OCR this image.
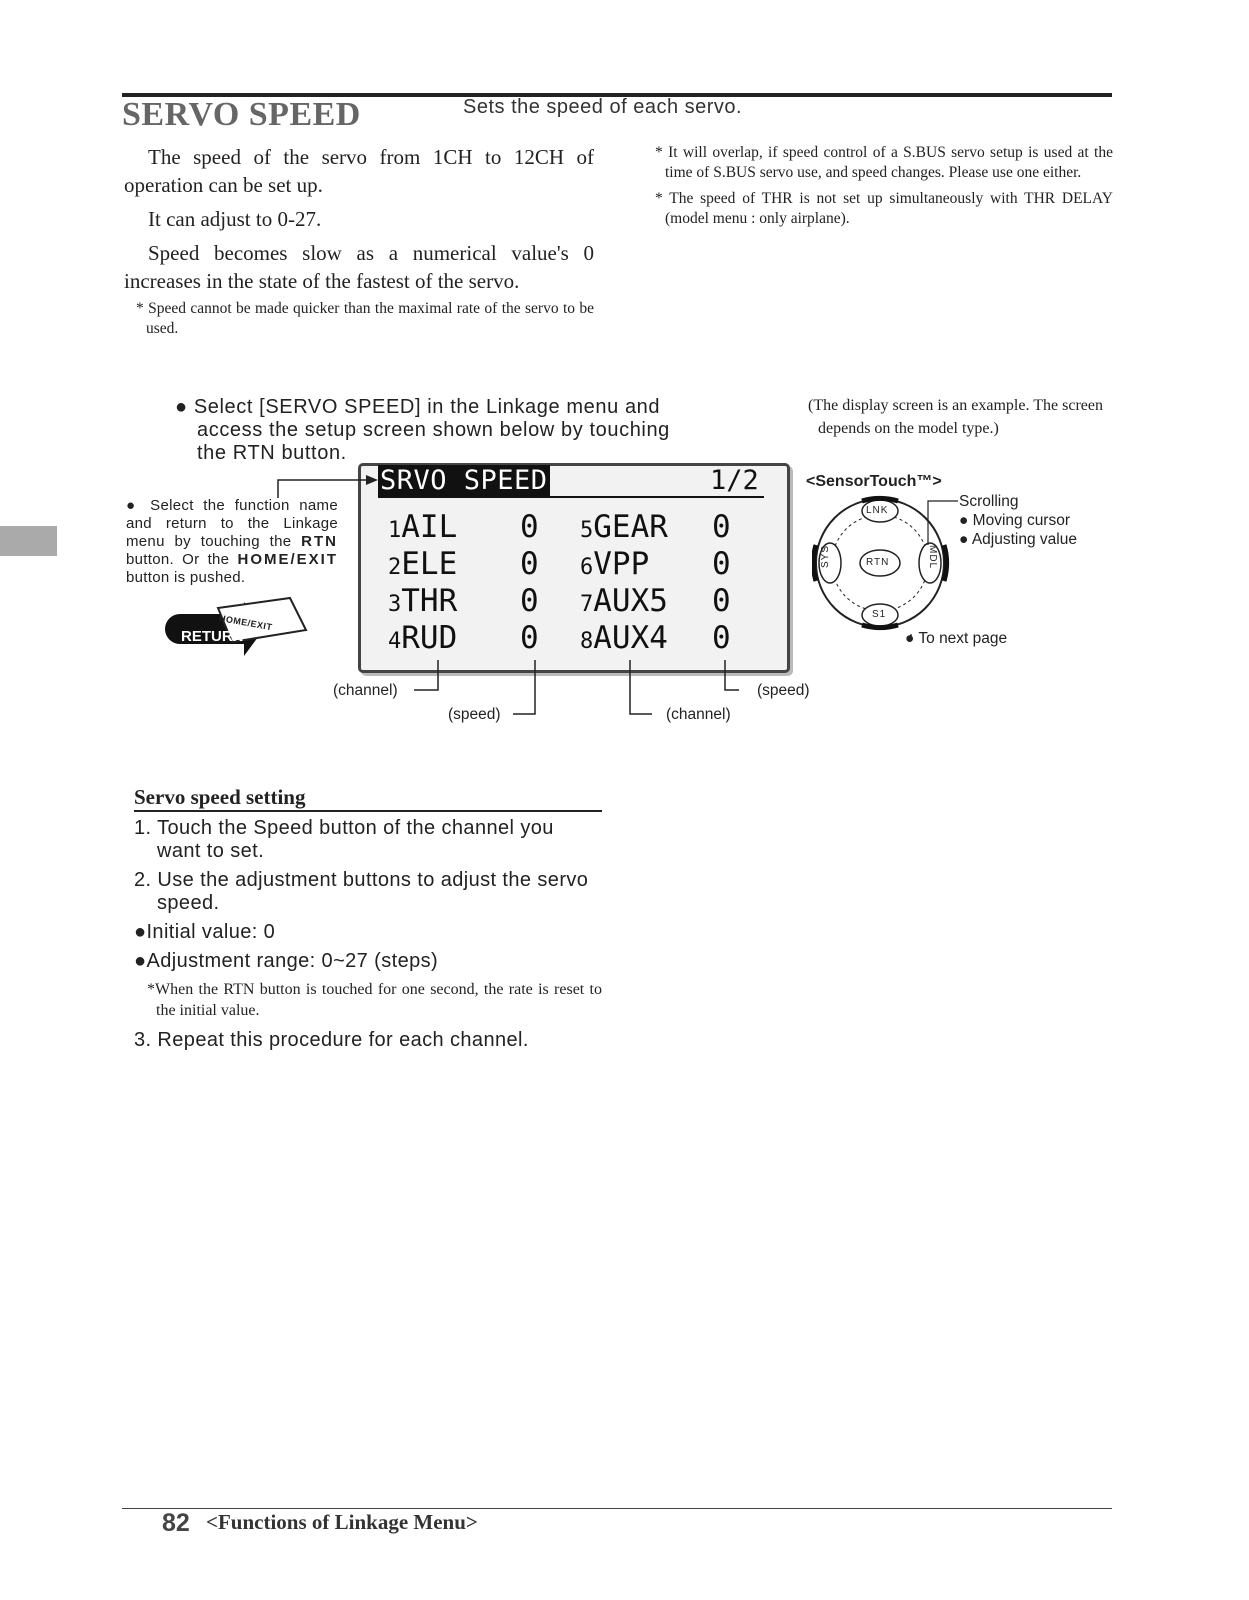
SERVO SPEED	Sets the speed of each servo.

The speed of the servo from 1CH to 12CH of operation can be set up.

It can adjust to 0-27.

Speed becomes slow as a numerical value's 0 increases in the state of the fastest of the servo.

* Speed cannot be made quicker than the maximal rate of the servo to be used.
* It will overlap, if speed control of a S.BUS servo setup is used at the time of S.BUS servo use, and speed changes. Please use one either.
* The speed of THR is not set up simultaneously with THR DELAY (model menu : only airplane).
● Select [SERVO SPEED] in the Linkage menu and access the setup screen shown below by touching the RTN button.
(The display screen is an example. The screen depends on the model type.)
SRVO SPEED	1/2
1AIL 0 5GEAR 0
2ELE 0 6VPP 0
3THR 0 7AUX5 0
4RUD 0 8AUX4 0
● Select the function name and return to the Linkage menu by touching the RTN button. Or the HOME/EXIT button is pushed.
RETURN
HOME/EXIT
(channel)
(speed)	(channel)
(speed)
<SensorTouch™>
LNK
RTN
S1
SYS	MDL
Scrolling
● Moving cursor
● Adjusting value
● To next page
Servo speed setting
1. Touch the Speed button of the channel you want to set.
2. Use the adjustment buttons to adjust the servo speed.
●Initial value: 0
●Adjustment range: 0~27 (steps)
*When the RTN button is touched for one second, the rate is reset to the initial value.
3. Repeat this procedure for each channel.
82 <Functions of Linkage Menu>
